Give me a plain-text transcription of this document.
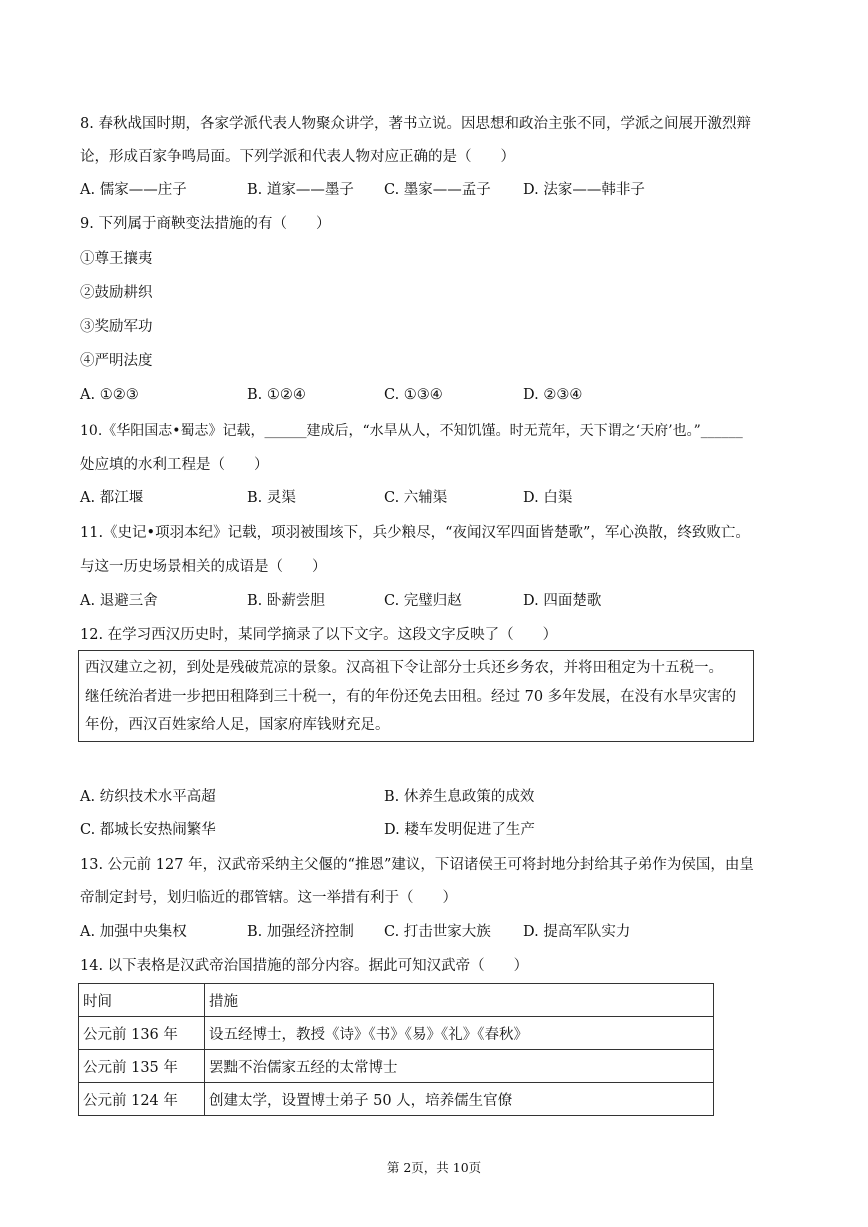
8. 春秋战国时期，各家学派代表人物聚众讲学，著书立说。因思想和政治主张不同，学派之间展开激烈辩
论，形成百家争鸣局面。下列学派和代表人物对应正确的是（　　）
A. 儒家——庄子	B. 道家——墨子 C. 墨家——孟子 D. 法家——韩非子
9. 下列属于商鞅变法措施的有（　　）
①尊王攘夷
②鼓励耕织
③奖励军功
④严明法度
A. ①②③	B. ①②④	C. ①③④	D. ②③④
10.《华阳国志•蜀志》记载，______建成后，“水旱从人，不知饥馑。时无荒年，天下谓之‘天府’也。”______
处应填的水利工程是（　　）
A. 都江堰	B. 灵渠	C. 六辅渠	D. 白渠
11.《史记•项羽本纪》记载，项羽被围垓下，兵少粮尽，“夜闻汉军四面皆楚歌”，军心涣散，终致败亡。
与这一历史场景相关的成语是（　　）
A. 退避三舍	B. 卧薪尝胆	C. 完璧归赵	D. 四面楚歌
12. 在学习西汉历史时，某同学摘录了以下文字。这段文字反映了（　　）
西汉建立之初，到处是残破荒凉的景象。汉高祖下令让部分士兵还乡务农，并将田租定为十五税一。
继任统治者进一步把田租降到三十税一，有的年份还免去田租。经过 70 多年发展，在没有水旱灾害的
年份，西汉百姓家给人足，国家府库钱财充足。
A. 纺织技术水平高超	B. 休养生息政策的成效
C. 都城长安热闹繁华	D. 耧车发明促进了生产
13. 公元前 127 年，汉武帝采纳主父偃的“推恩”建议，下诏诸侯王可将封地分封给其子弟作为侯国，由皇
帝制定封号，划归临近的郡管辖。这一举措有利于（　　）
A. 加强中央集权	B. 加强经济控制 C. 打击世家大族 D. 提高军队实力
14. 以下表格是汉武帝治国措施的部分内容。据此可知汉武帝（　　）
时间	措施
公元前 136 年	设五经博士，教授《诗》《书》《易》《礼》《春秋》
公元前 135 年	罢黜不治儒家五经的太常博士
公元前 124 年	创建太学，设置博士弟子 50 人，培养儒生官僚
第 2页，共 10页
